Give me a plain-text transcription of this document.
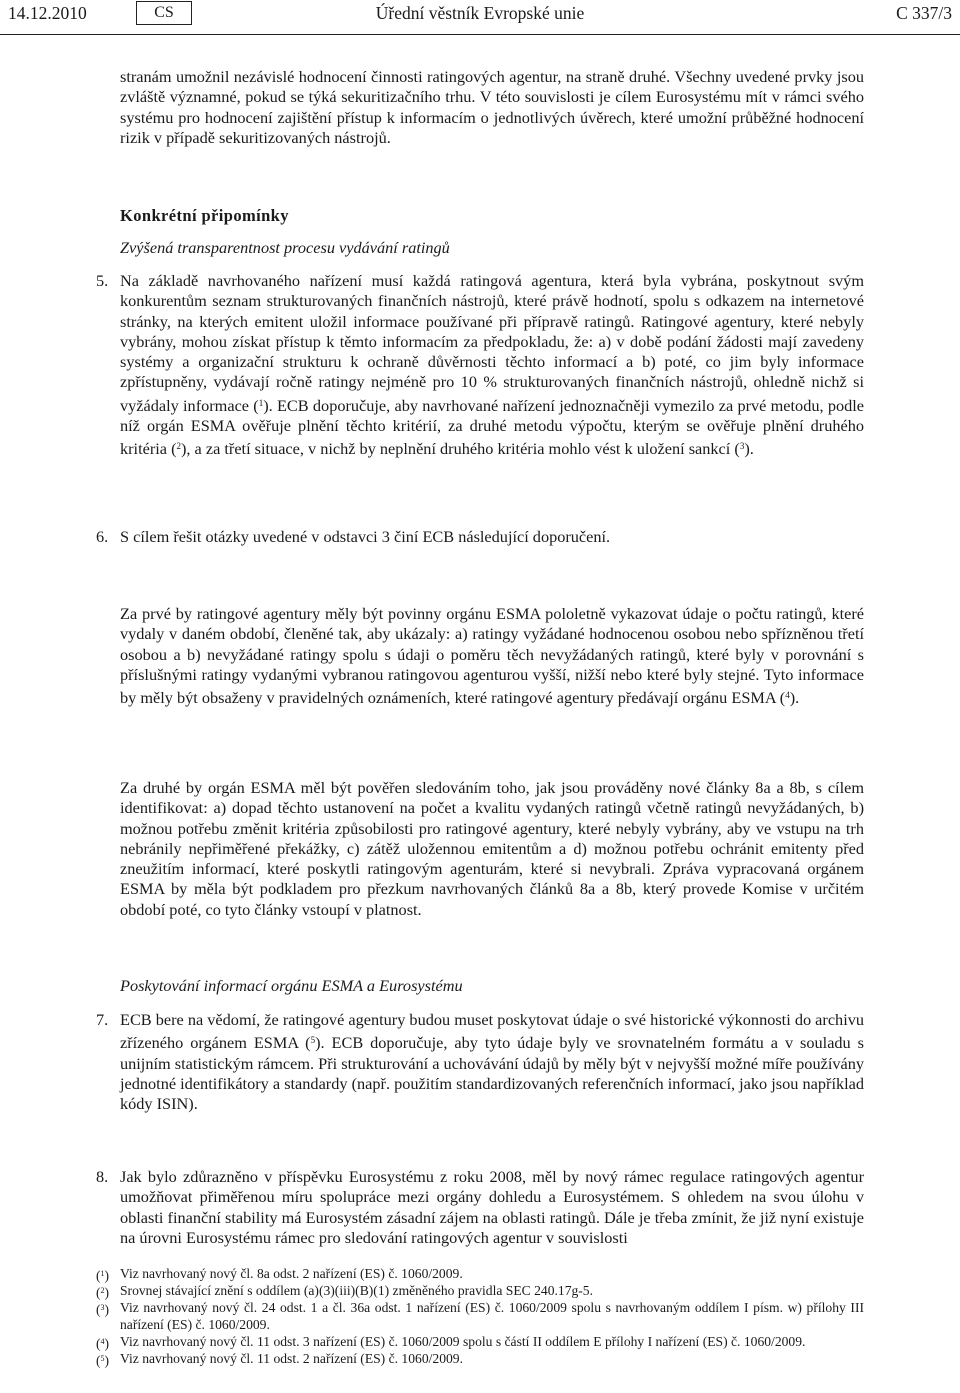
Úřední věstník Evropské unie
14.12.2010	CS	C 337/3

stranám umožnil nezávislé hodnocení činnosti ratingových agentur, na straně druhé. Všechny uvedené prvky jsou zvláště významné, pokud se týká sekuritizačního trhu. V této souvislosti je cílem Eurosystému mít v rámci svého systému pro hodnocení zajištění přístup k informacím o jednotlivých úvěrech, které umožní průběžné hodnocení rizik v případě sekuritizovaných nástrojů.

Konkrétní připomínky
Zvýšená transparentnost procesu vydávání ratingů
5. Na základě navrhovaného nařízení musí každá ratingová agentura, která byla vybrána, poskytnout svým konkurentům seznam strukturovaných finančních nástrojů, které právě hodnotí, spolu s odkazem na internetové stránky, na kterých emitent uložil informace používané při přípravě ratingů. Ratingové agentury, které nebyly vybrány, mohou získat přístup k těmto informacím za předpokladu, že: a) v době podání žádosti mají zavedeny systémy a organizační strukturu k ochraně důvěrnosti těchto informací a b) poté, co jim byly informace zpřístupněny, vydávají ročně ratingy nejméně pro 10 % strukturovaných finančních nástrojů, ohledně nichž si vyžádaly informace ($^1$). ECB doporučuje, aby navrhované nařízení jednoznačněji vymezilo za prvé metodu, podle níž orgán ESMA ověřuje plnění těchto kritérií, za druhé metodu výpočtu, kterým se ověřuje plnění druhého kritéria ($^2$), a za třetí situace, v nichž by neplnění druhého kritéria mohlo vést k uložení sankcí ($^3$).

6. S cílem řešit otázky uvedené v odstavci 3 činí ECB následující doporučení.

Za prvé by ratingové agentury měly být povinny orgánu ESMA pololetně vykazovat údaje o počtu ratingů, které vydaly v daném období, členěné tak, aby ukázaly: a) ratingy vyžádané hodnocenou osobou nebo spřízněnou třetí osobou a b) nevyžádané ratingy spolu s údaji o poměru těch nevyžádaných ratingů, které byly v porovnání s příslušnými ratingy vydanými vybranou ratingovou agenturou vyšší, nižší nebo které byly stejné. Tyto informace by měly být obsaženy v pravidelných oznámeních, které ratingové agentury předávají orgánu ESMA ($^4$).

Za druhé by orgán ESMA měl být pověřen sledováním toho, jak jsou prováděny nové články 8a a 8b, s cílem identifikovat: a) dopad těchto ustanovení na počet a kvalitu vydaných ratingů včetně ratingů nevyžádaných, b) možnou potřebu změnit kritéria způsobilosti pro ratingové agentury, které nebyly vybrány, aby ve vstupu na trh nebránily nepřiměřené překážky, c) zátěž uložennou emitentům a d) možnou potřebu ochránit emitenty před zneužitím informací, které poskytli ratingovým agenturám, které si nevybrali. Zpráva vypracovaná orgánem ESMA by měla být podkladem pro přezkum navrhovaných článků 8a a 8b, který provede Komise v určitém období poté, co tyto články vstoupí v platnost.

Poskytování informací orgánu ESMA a Eurosystému
7. ECB bere na vědomí, že ratingové agentury budou muset poskytovat údaje o své historické výkonnosti do archivu zřízeného orgánem ESMA ($^5$). ECB doporučuje, aby tyto údaje byly ve srovnatelném formátu a v souladu s unijním statistickým rámcem. Při strukturování a uchovávání údajů by měly být v nejvyšší možné míře používány jednotné identifikátory a standardy (např. použitím standardizovaných referenčních informací, jako jsou například kódy ISIN).

8. Jak bylo zdůrazněno v příspěvku Eurosystému z roku 2008, měl by nový rámec regulace ratingových agentur umožňovat přiměřenou míru spolupráce mezi orgány dohledu a Eurosystémem. S ohledem na svou úlohu v oblasti finanční stability má Eurosystém zásadní zájem na oblasti ratingů. Dále je třeba zmínit, že již nyní existuje na úrovni Eurosystému rámec pro sledování ratingových agentur v souvislosti

($^1$) Viz navrhovaný nový čl. 8a odst. 2 nařízení (ES) č. 1060/2009.

($^2$) Srovnej stávající znění s oddílem (a)(3)(iii)(B)(1) změněného pravidla SEC 240.17g-5.

($^3$) Viz navrhovaný nový čl. 24 odst. 1 a čl. 36a odst. 1 nařízení (ES) č. 1060/2009 spolu s navrhovaným oddílem I písm. w) přílohy III nařízení (ES) č. 1060/2009.

($^4$) Viz navrhovaný nový čl. 11 odst. 3 nařízení (ES) č. 1060/2009 spolu s částí II oddílem E přílohy I nařízení (ES) č. 1060/2009.

($^5$) Viz navrhovaný nový čl. 11 odst. 2 nařízení (ES) č. 1060/2009.
